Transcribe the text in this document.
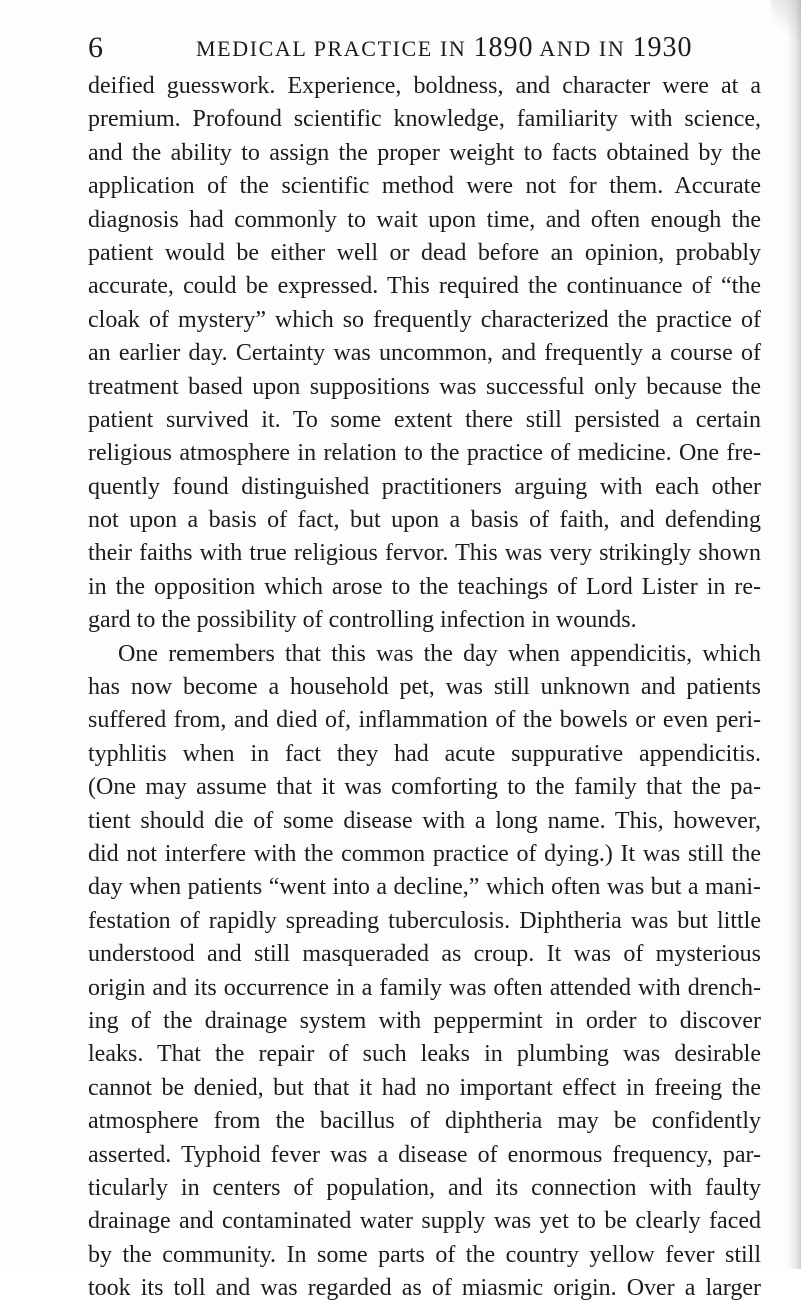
6	MEDICAL PRACTICE IN 1890 AND IN 1930
deified guesswork. Experience, boldness, and character were at a
premium. Profound scientific knowledge, familiarity with science,
and the ability to assign the proper weight to facts obtained by the
application of the scientific method were not for them. Accurate
diagnosis had commonly to wait upon time, and often enough the
patient would be either well or dead before an opinion, probably
accurate, could be expressed. This required the continuance of “the
cloak of mystery” which so frequently characterized the practice of
an earlier day. Certainty was uncommon, and frequently a course of
treatment based upon suppositions was successful only because the
patient survived it. To some extent there still persisted a certain
religious atmosphere in relation to the practice of medicine. One fre-
quently found distinguished practitioners arguing with each other
not upon a basis of fact, but upon a basis of faith, and defending
their faiths with true religious fervor. This was very strikingly shown
in the opposition which arose to the teachings of Lord Lister in re-
gard to the possibility of controlling infection in wounds.
One remembers that this was the day when appendicitis, which
has now become a household pet, was still unknown and patients
suffered from, and died of, inflammation of the bowels or even peri-
typhlitis when in fact they had acute suppurative appendicitis.
(One may assume that it was comforting to the family that the pa-
tient should die of some disease with a long name. This, however,
did not interfere with the common practice of dying.) It was still the
day when patients “went into a decline,” which often was but a mani-
festation of rapidly spreading tuberculosis. Diphtheria was but little
understood and still masqueraded as croup. It was of mysterious
origin and its occurrence in a family was often attended with drench-
ing of the drainage system with peppermint in order to discover
leaks. That the repair of such leaks in plumbing was desirable
cannot be denied, but that it had no important effect in freeing the
atmosphere from the bacillus of diphtheria may be confidently
asserted. Typhoid fever was a disease of enormous frequency, par-
ticularly in centers of population, and its connection with faulty
drainage and contaminated water supply was yet to be clearly faced
by the community. In some parts of the country yellow fever still
took its toll and was regarded as of miasmic origin. Over a larger
